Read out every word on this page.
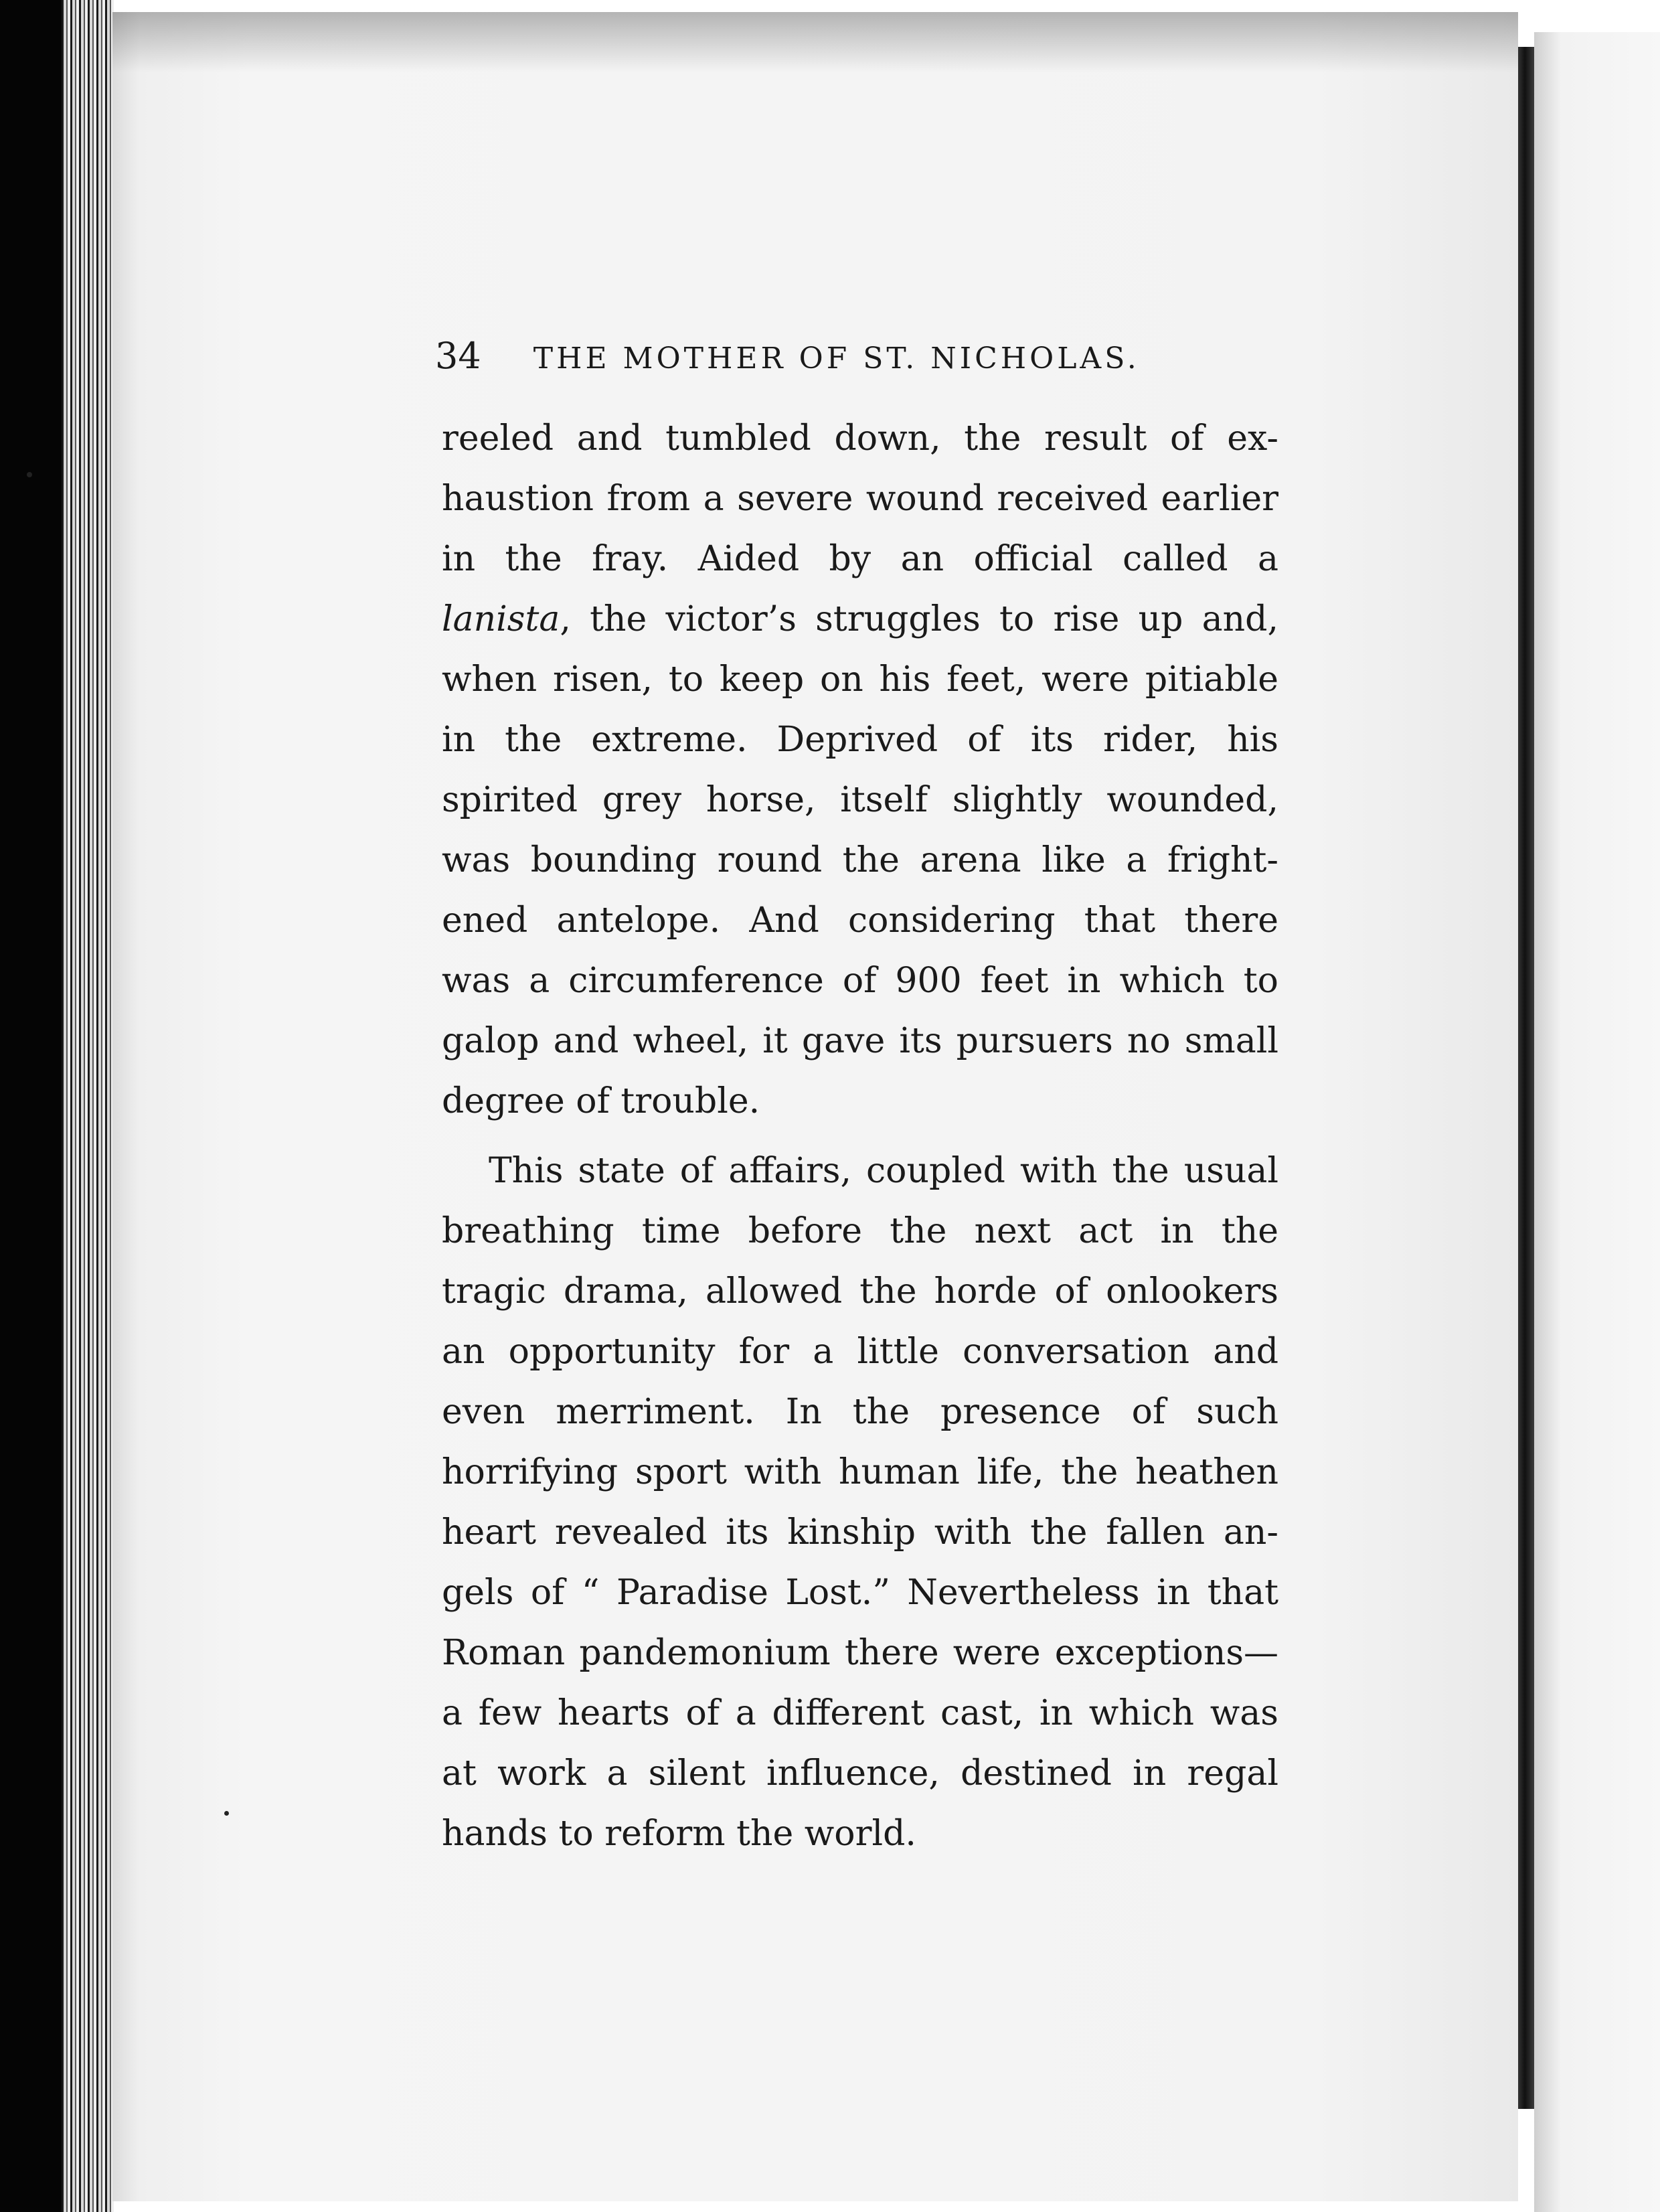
34 THE MOTHER OF ST. NICHOLAS.
reeled and tumbled down, the result of ex-
haustion from a severe wound received earlier
in the fray. Aided by an official called a
lanista, the victor’s struggles to rise up and,
when risen, to keep on his feet, were pitiable
in the extreme. Deprived of its rider, his
spirited grey horse, itself slightly wounded,
was bounding round the arena like a fright-
ened antelope. And considering that there
was a circumference of 900 feet in which to
galop and wheel, it gave its pursuers no small
degree of trouble.
This state of affairs, coupled with the usual
breathing time before the next act in the
tragic drama, allowed the horde of onlookers
an opportunity for a little conversation and
even merriment. In the presence of such
horrifying sport with human life, the heathen
heart revealed its kinship with the fallen an-
gels of “ Paradise Lost.” Nevertheless in that
Roman pandemonium there were exceptions—
a few hearts of a different cast, in which was
at work a silent influence, destined in regal
hands to reform the world.
